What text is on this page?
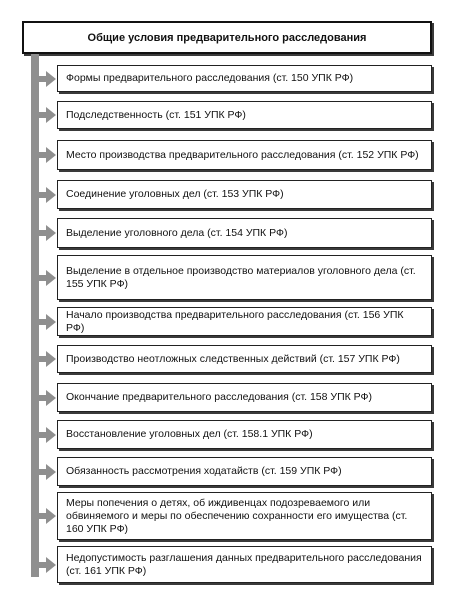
Общие условия предварительного расследования
Формы предварительного расследования (ст. 150 УПК РФ)
Подследственность (ст. 151 УПК РФ)
Место производства предварительного расследования (ст. 152 УПК РФ)
Соединение уголовных дел (ст. 153 УПК РФ)
Выделение уголовного дела (ст. 154 УПК РФ)
Выделение в отдельное производство материалов уголовного дела (ст. 155 УПК РФ)
Начало производства предварительного расследования (ст. 156 УПК РФ)
Производство неотложных следственных действий (ст. 157 УПК РФ)
Окончание предварительного расследования (ст. 158 УПК РФ)
Восстановление уголовных дел (ст. 158.1 УПК РФ)
Обязанность рассмотрения ходатайств (ст. 159 УПК РФ)
Меры попечения о детях, об иждивенцах подозреваемого или обвиняемого и меры по обеспечению сохранности его имущества (ст. 160 УПК РФ)
Недопустимость разглашения данных предварительного расследования (ст. 161 УПК РФ)
